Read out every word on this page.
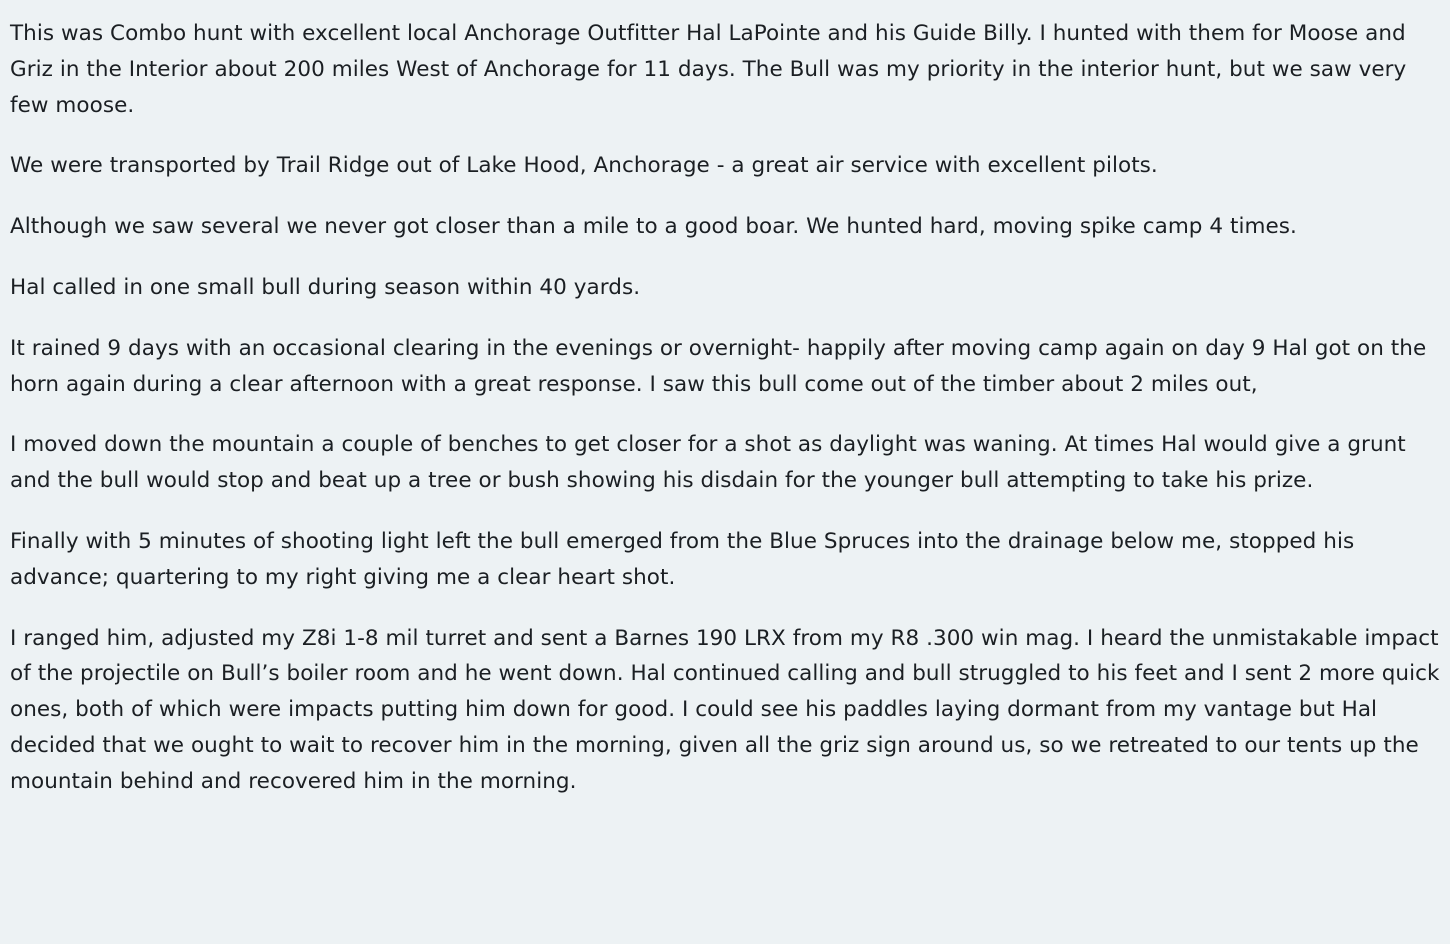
This was Combo hunt with excellent local Anchorage Outfitter Hal LaPointe and his Guide Billy. I hunted with them for Moose and Griz in the Interior about 200 miles West of Anchorage for 11 days. The Bull was my priority in the interior hunt, but we saw very few moose.

We were transported by Trail Ridge out of Lake Hood, Anchorage - a great air service with excellent pilots.

Although we saw several we never got closer than a mile to a good boar. We hunted hard, moving spike camp 4 times.

Hal called in one small bull during season within 40 yards.

It rained 9 days with an occasional clearing in the evenings or overnight- happily after moving camp again on day 9 Hal got on the horn again during a clear afternoon with a great response. I saw this bull come out of the timber about 2 miles out,

I moved down the mountain a couple of benches to get closer for a shot as daylight was waning. At times Hal would give a grunt and the bull would stop and beat up a tree or bush showing his disdain for the younger bull attempting to take his prize.

Finally with 5 minutes of shooting light left the bull emerged from the Blue Spruces into the drainage below me, stopped his advance; quartering to my right giving me a clear heart shot.

I ranged him, adjusted my Z8i 1-8 mil turret and sent a Barnes 190 LRX from my R8 .300 win mag. I heard the unmistakable impact of the projectile on Bull’s boiler room and he went down. Hal continued calling and bull struggled to his feet and I sent 2 more quick ones, both of which were impacts putting him down for good. I could see his paddles laying dormant from my vantage but Hal decided that we ought to wait to recover him in the morning, given all the griz sign around us, so we retreated to our tents up the mountain behind and recovered him in the morning.
